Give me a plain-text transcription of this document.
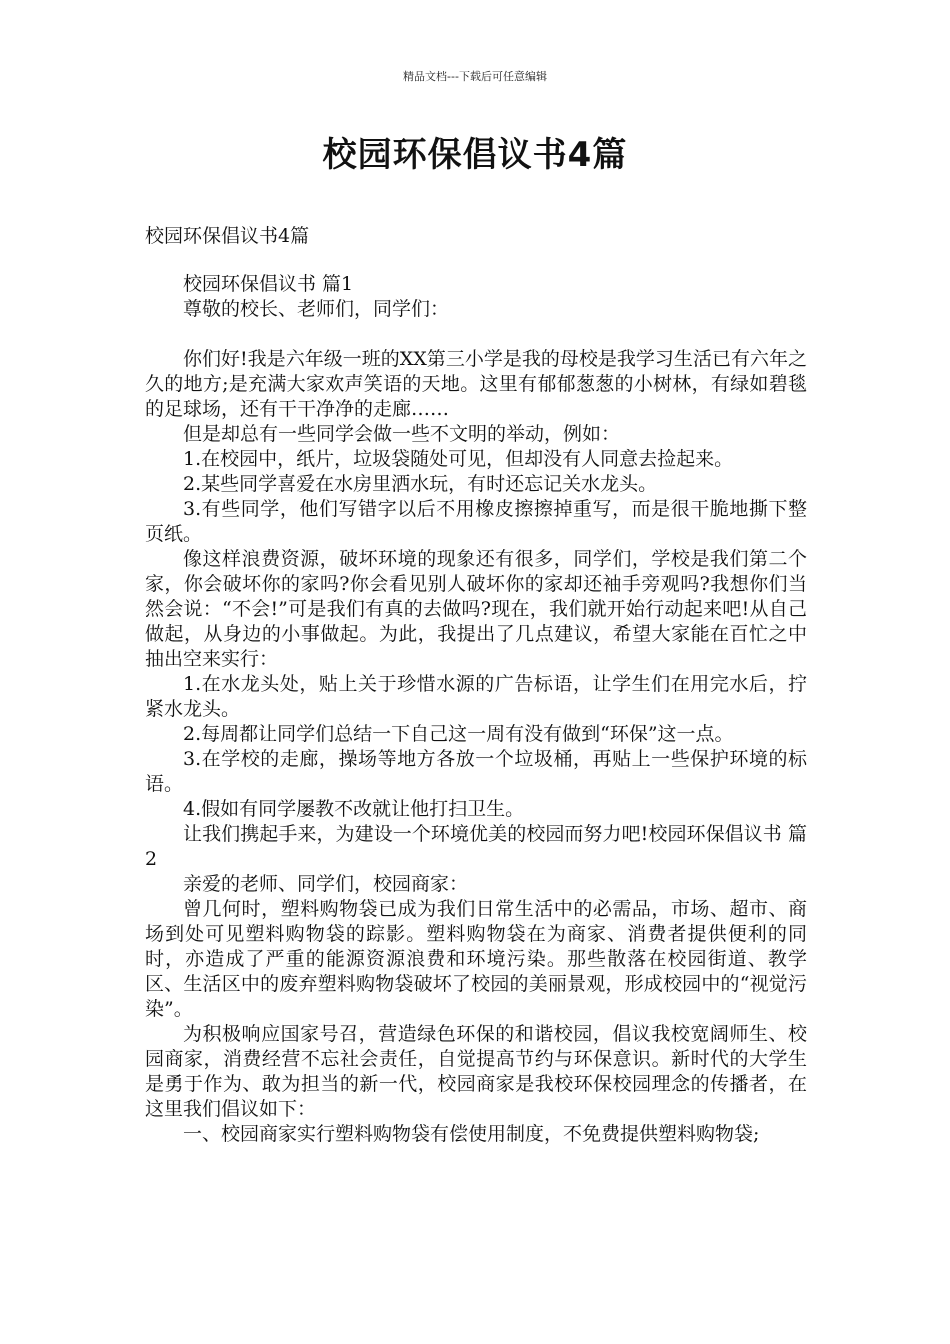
精品文档---下载后可任意编辑
校园环保倡议书4篇
校园环保倡议书4篇

校园环保倡议书 篇1

尊敬的校长、老师们，同学们：

你们好!我是六年级一班的XX第三小学是我的母校是我学习生活已有六年之久的地方;是充满大家欢声笑语的天地。这里有郁郁葱葱的小树林，有绿如碧毯的足球场，还有干干净净的走廊……

但是却总有一些同学会做一些不文明的举动，例如：

1.在校园中，纸片，垃圾袋随处可见，但却没有人同意去捡起来。

2.某些同学喜爱在水房里洒水玩，有时还忘记关水龙头。

3.有些同学，他们写错字以后不用橡皮擦擦掉重写，而是很干脆地撕下整页纸。

像这样浪费资源，破坏环境的现象还有很多，同学们，学校是我们第二个家，你会破坏你的家吗?你会看见别人破坏你的家却还袖手旁观吗?我想你们当然会说：“不会!”可是我们有真的去做吗?现在，我们就开始行动起来吧!从自己做起，从身边的小事做起。为此，我提出了几点建议，希望大家能在百忙之中抽出空来实行：

1.在水龙头处，贴上关于珍惜水源的广告标语，让学生们在用完水后，拧紧水龙头。

2.每周都让同学们总结一下自己这一周有没有做到“环保”这一点。

3.在学校的走廊，操场等地方各放一个垃圾桶，再贴上一些保护环境的标语。

4.假如有同学屡教不改就让他打扫卫生。

让我们携起手来，为建设一个环境优美的校园而努力吧!校园环保倡议书 篇2

亲爱的老师、同学们，校园商家：

曾几何时，塑料购物袋已成为我们日常生活中的必需品，市场、超市、商场到处可见塑料购物袋的踪影。塑料购物袋在为商家、消费者提供便利的同时，亦造成了严重的能源资源浪费和环境污染。那些散落在校园街道、教学区、生活区中的废弃塑料购物袋破坏了校园的美丽景观，形成校园中的“视觉污染”。

为积极响应国家号召，营造绿色环保的和谐校园，倡议我校宽阔师生、校园商家，消费经营不忘社会责任，自觉提高节约与环保意识。新时代的大学生是勇于作为、敢为担当的新一代，校园商家是我校环保校园理念的传播者，在这里我们倡议如下：

一、校园商家实行塑料购物袋有偿使用制度，不免费提供塑料购物袋;
